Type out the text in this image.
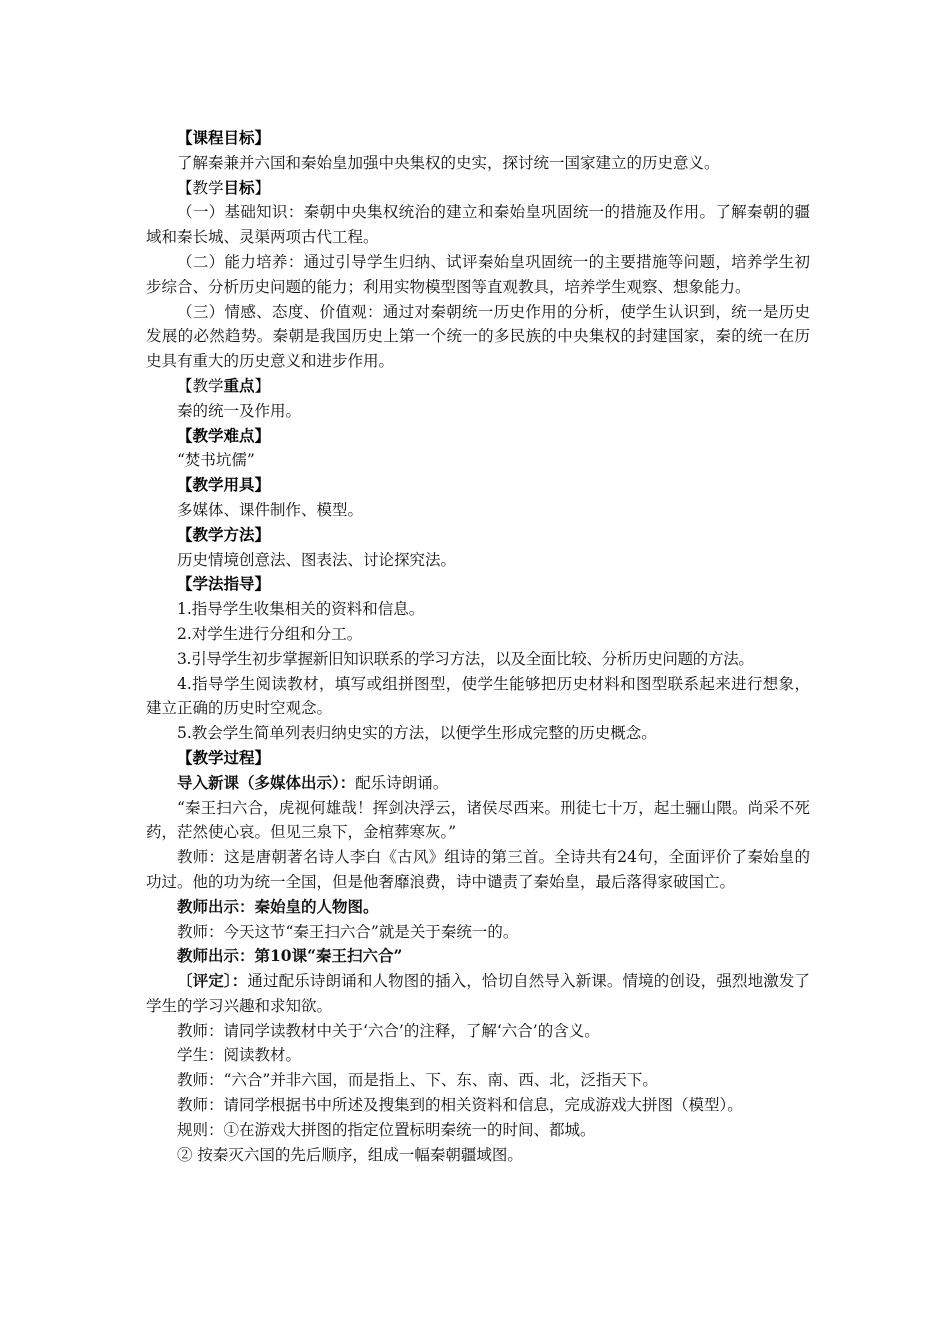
【课程目标】

了解秦兼并六国和秦始皇加强中央集权的史实，探讨统一国家建立的历史意义。

【教学目标】

（一）基础知识：秦朝中央集权统治的建立和秦始皇巩固统一的措施及作用。了解秦朝的疆域和秦长城、灵渠两项古代工程。

（二）能力培养：通过引导学生归纳、试评秦始皇巩固统一的主要措施等问题，培养学生初步综合、分析历史问题的能力；利用实物模型图等直观教具，培养学生观察、想象能力。

（三）情感、态度、价值观：通过对秦朝统一历史作用的分析，使学生认识到，统一是历史发展的必然趋势。秦朝是我国历史上第一个统一的多民族的中央集权的封建国家，秦的统一在历史具有重大的历史意义和进步作用。

【教学重点】

秦的统一及作用。

【教学难点】

“焚书坑儒”

【教学用具】

多媒体、课件制作、模型。

【教学方法】

历史情境创意法、图表法、讨论探究法。

【学法指导】

1.指导学生收集相关的资料和信息。

2.对学生进行分组和分工。

3.引导学生初步掌握新旧知识联系的学习方法，以及全面比较、分析历史问题的方法。

4.指导学生阅读教材，填写或组拼图型，使学生能够把历史材料和图型联系起来进行想象，建立正确的历史时空观念。

5.教会学生简单列表归纳史实的方法，以便学生形成完整的历史概念。

【教学过程】

导入新课（多媒体出示）：配乐诗朗诵。

“秦王扫六合，虎视何雄哉！挥剑决浮云，诸侯尽西来。刑徒七十万，起土骊山隈。尚采不死药，茫然使心哀。但见三泉下，金棺葬寒灰。”

教师：这是唐朝著名诗人李白《古风》组诗的第三首。全诗共有24句，全面评价了秦始皇的功过。他的功为统一全国，但是他奢靡浪费，诗中谴责了秦始皇，最后落得家破国亡。

教师出示：秦始皇的人物图。

教师：今天这节“秦王扫六合”就是关于秦统一的。

教师出示：第10课“秦王扫六合”

〔评定〕：通过配乐诗朗诵和人物图的插入，恰切自然导入新课。情境的创设，强烈地激发了学生的学习兴趣和求知欲。

教师：请同学读教材中关于‘六合’的注释，了解‘六合’的含义。

学生：阅读教材。

教师：“六合”并非六国，而是指上、下、东、南、西、北，泛指天下。

教师：请同学根据书中所述及搜集到的相关资料和信息，完成游戏大拼图（模型）。

规则：①在游戏大拼图的指定位置标明秦统一的时间、都城。

② 按秦灭六国的先后顺序，组成一幅秦朝疆域图。
